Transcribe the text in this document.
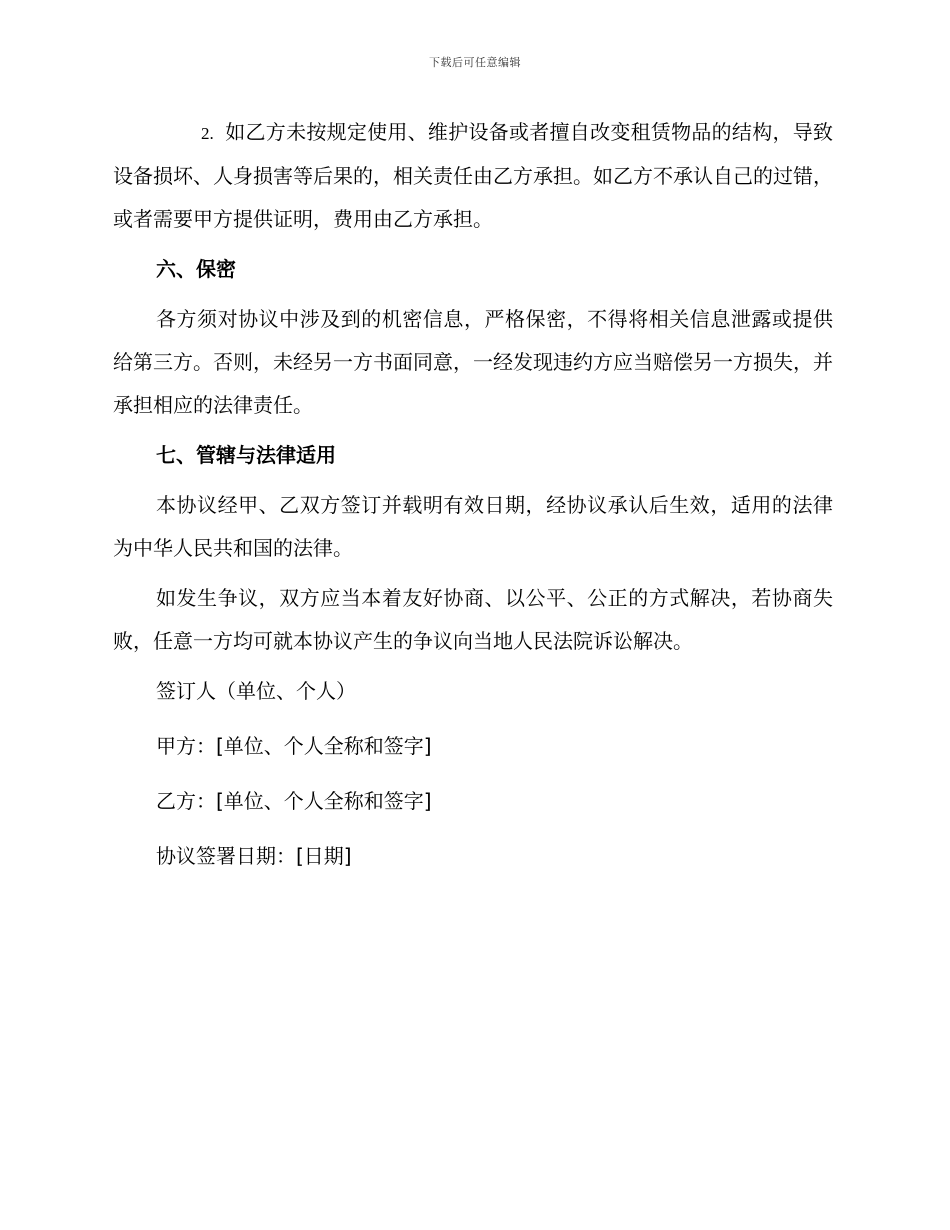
下载后可任意编辑

2. 如乙方未按规定使用、维护设备或者擅自改变租赁物品的结构，导致设备损坏、人身损害等后果的，相关责任由乙方承担。如乙方不承认自己的过错，或者需要甲方提供证明，费用由乙方承担。

六、保密

各方须对协议中涉及到的机密信息，严格保密，不得将相关信息泄露或提供给第三方。否则，未经另一方书面同意，一经发现违约方应当赔偿另一方损失，并承担相应的法律责任。

七、管辖与法律适用

本协议经甲、乙双方签订并载明有效日期，经协议承认后生效，适用的法律为中华人民共和国的法律。

如发生争议，双方应当本着友好协商、以公平、公正的方式解决，若协商失败，任意一方均可就本协议产生的争议向当地人民法院诉讼解决。

签订人（单位、个人）
甲方：[单位、个人全称和签字]
乙方：[单位、个人全称和签字]
协议签署日期：[日期]
